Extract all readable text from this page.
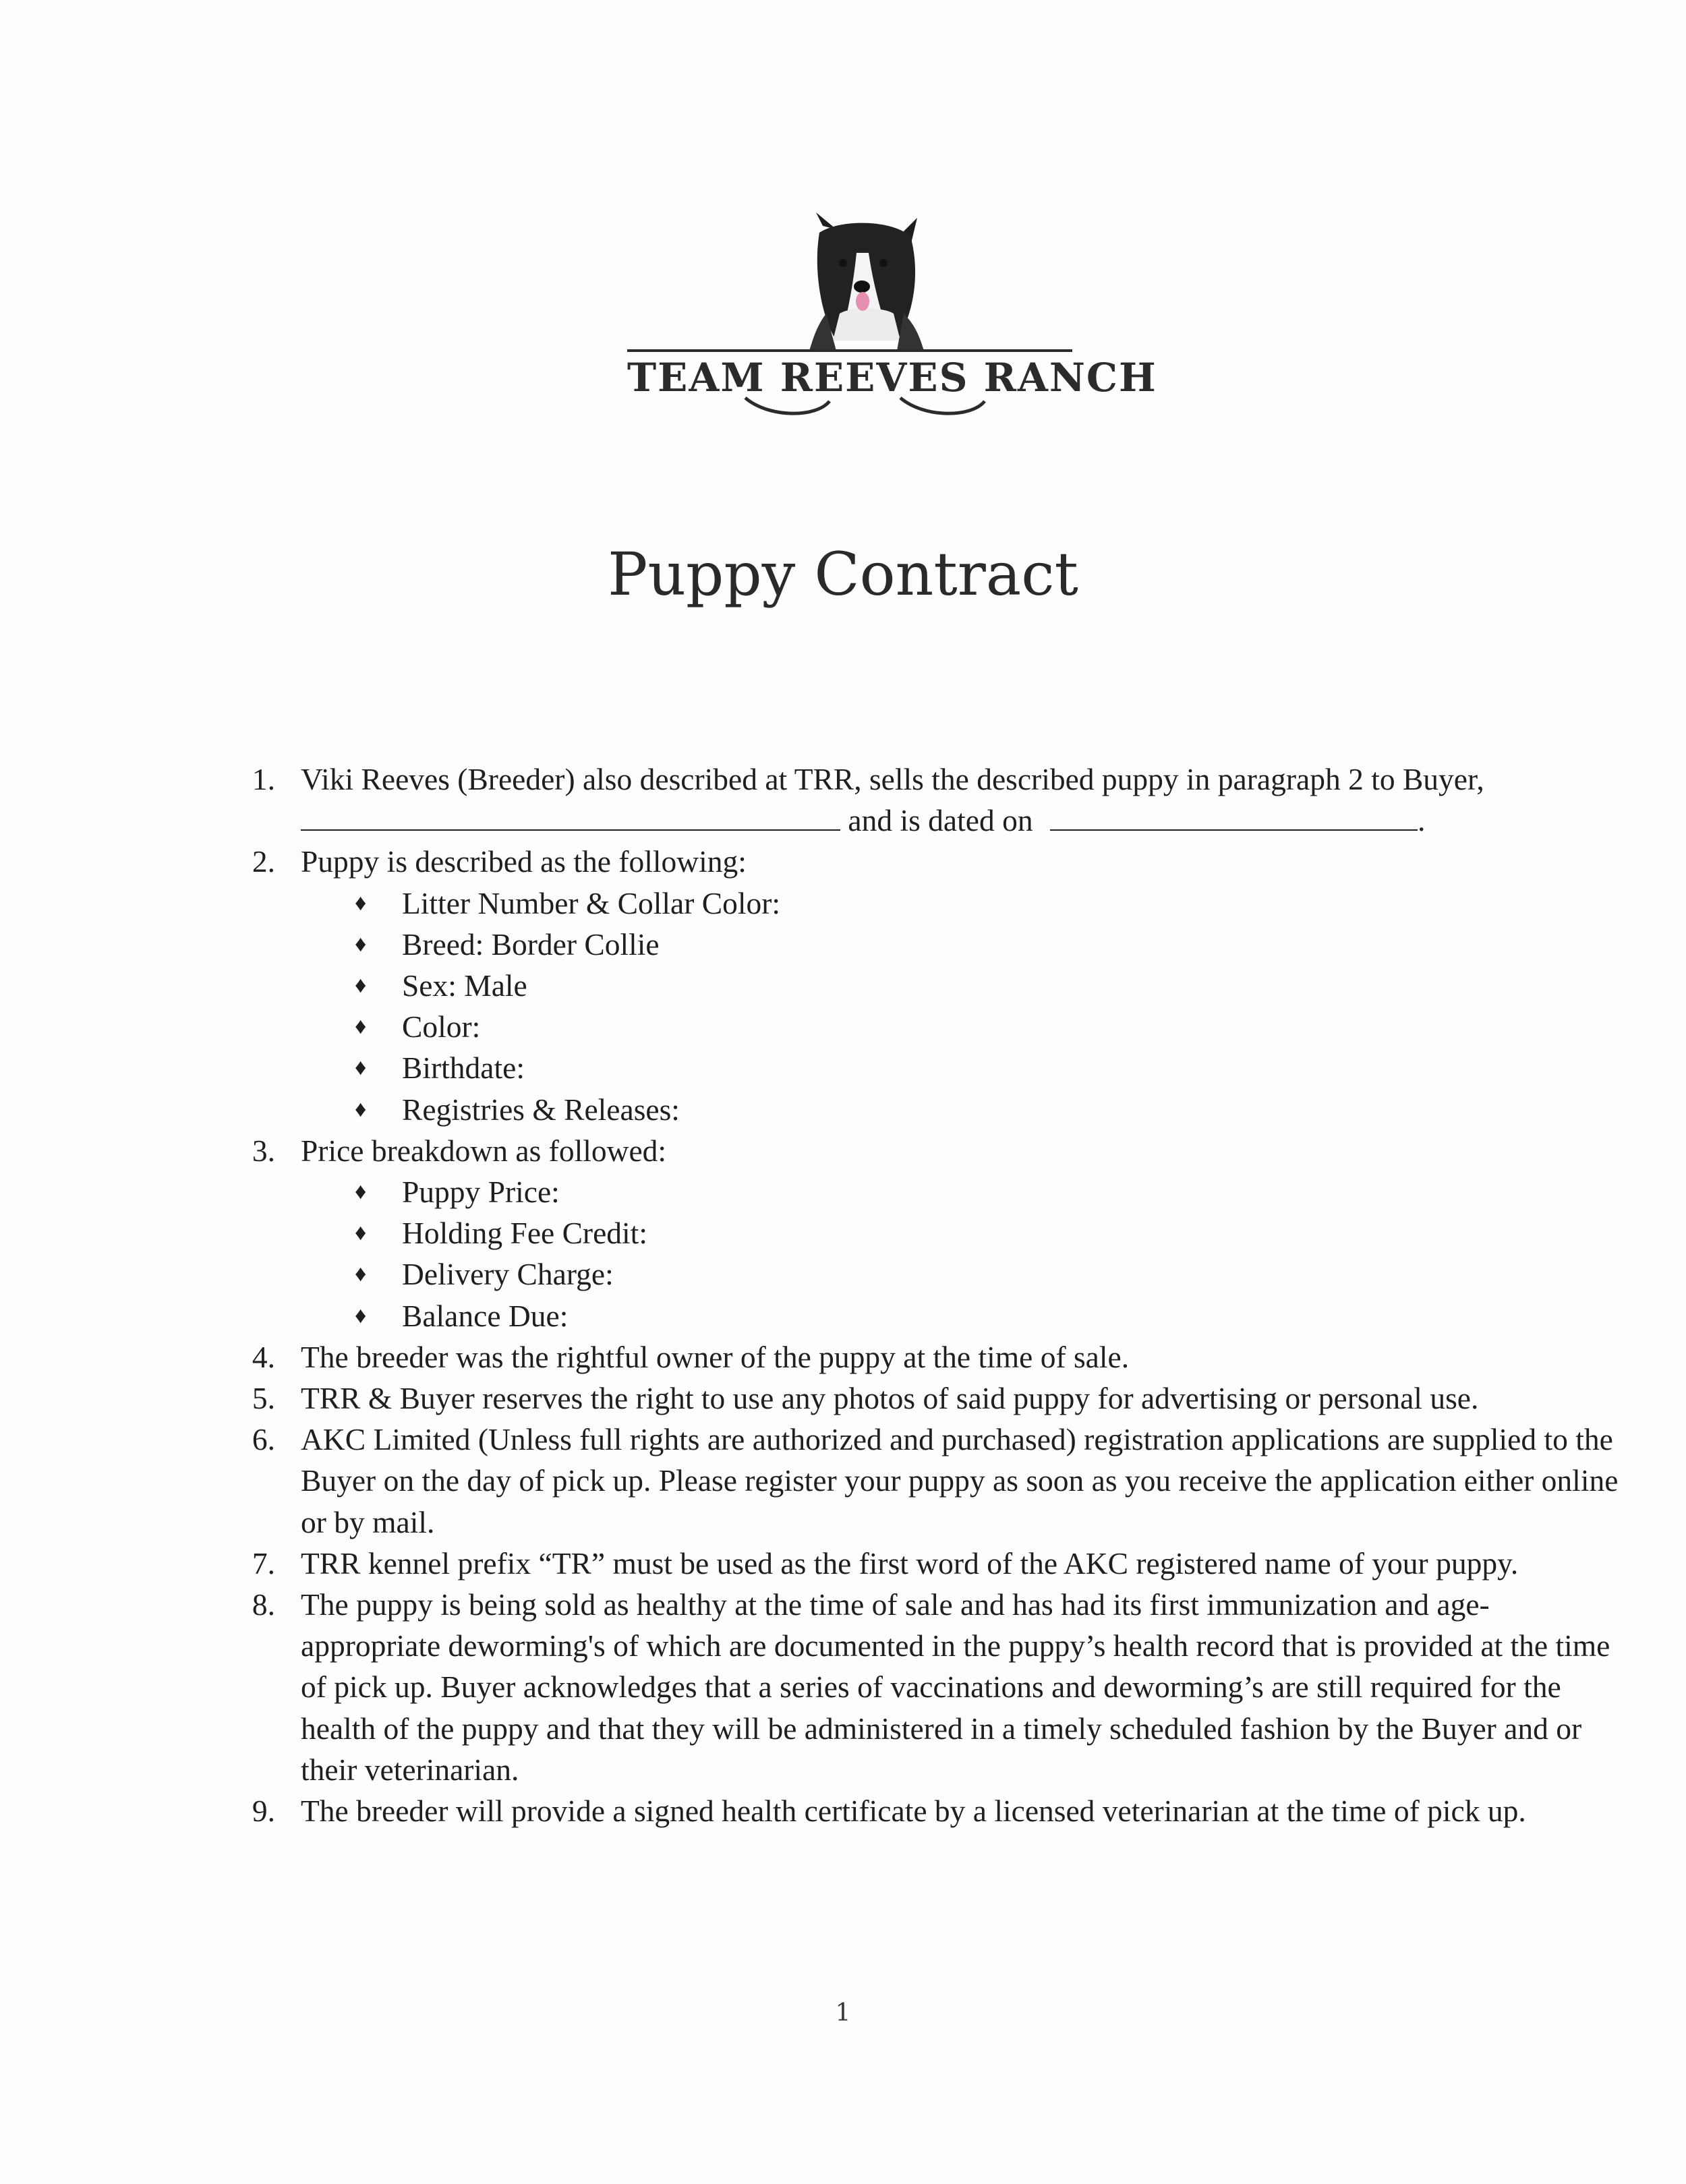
TEAM REEVES RANCH
Puppy Contract
1. Viki Reeves (Breeder) also described at TRR, sells the described puppy in paragraph 2 to Buyer,
and is dated on	.
2. Puppy is described as the following:
♦ Litter Number & Collar Color:
♦ Breed: Border Collie
♦ Sex: Male
♦ Color:
♦ Birthdate:
♦ Registries & Releases:
3. Price breakdown as followed:
♦ Puppy Price:
♦ Holding Fee Credit:
♦ Delivery Charge:
♦ Balance Due:
4. The breeder was the rightful owner of the puppy at the time of sale.
5. TRR & Buyer reserves the right to use any photos of said puppy for advertising or personal use.
6. AKC Limited (Unless full rights are authorized and purchased) registration applications are supplied to the Buyer on the day of pick up. Please register your puppy as soon as you receive the application either online or by mail.
7. TRR kennel prefix “TR” must be used as the first word of the AKC registered name of your puppy.
8. The puppy is being sold as healthy at the time of sale and has had its first immunization and age-appropriate deworming's of which are documented in the puppy’s health record that is provided at the time of pick up. Buyer acknowledges that a series of vaccinations and deworming’s are still required for the health of the puppy and that they will be administered in a timely scheduled fashion by the Buyer and or their veterinarian.
9. The breeder will provide a signed health certificate by a licensed veterinarian at the time of pick up.
1
